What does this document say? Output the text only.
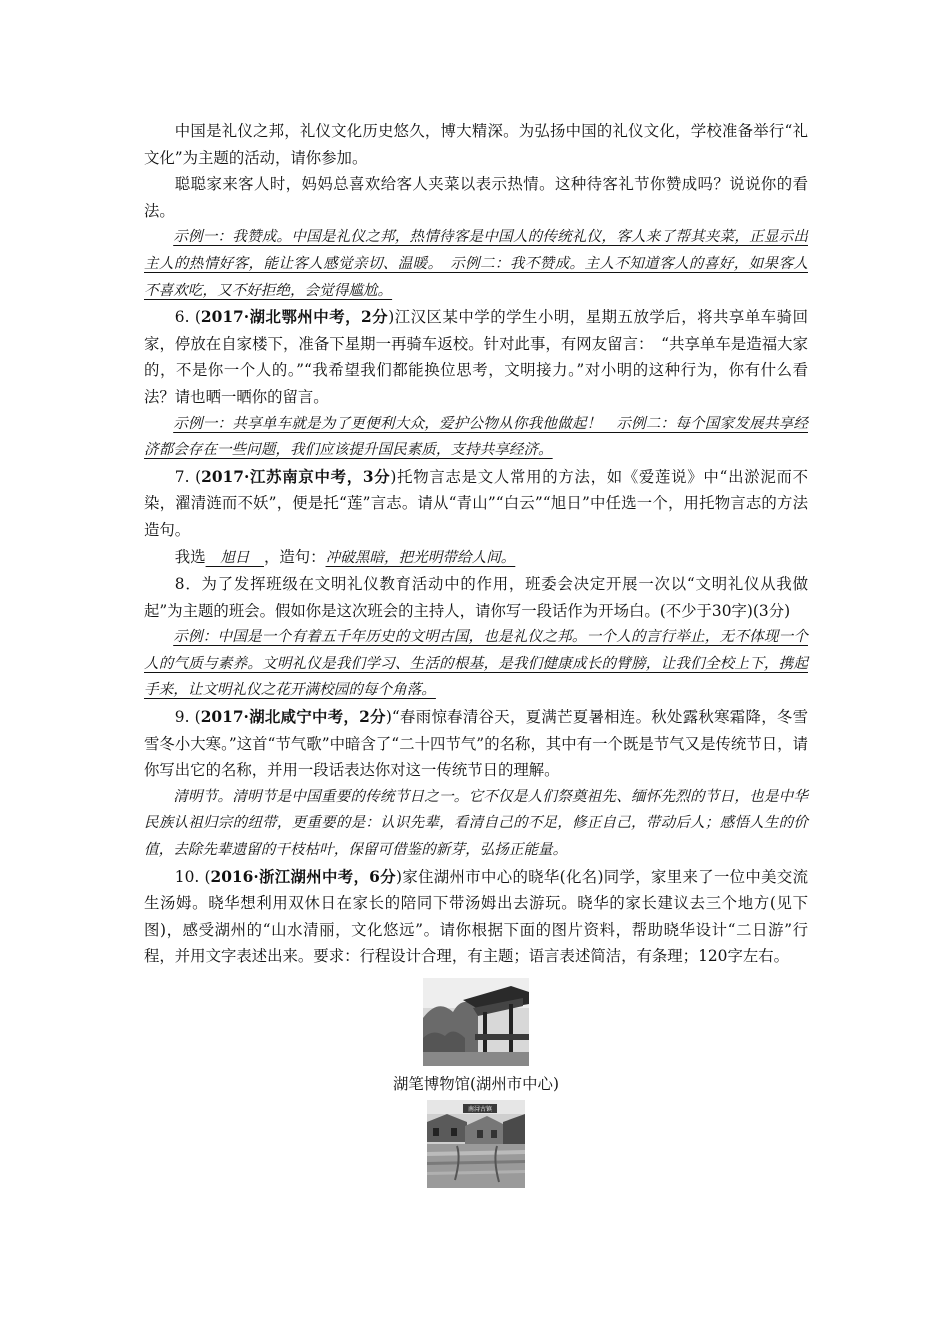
中国是礼仪之邦，礼仪文化历史悠久，博大精深。为弘扬中国的礼仪文化，学校准备举行“礼文化”为主题的活动，请你参加。

聪聪家来客人时，妈妈总喜欢给客人夹菜以表示热情。这种待客礼节你赞成吗？说说你的看法。

示例一：我赞成。中国是礼仪之邦，热情待客是中国人的传统礼仪，客人来了帮其夹菜，正显示出主人的热情好客，能让客人感觉亲切、温暖。　示例二：我不赞成。主人不知道客人的喜好，如果客人不喜欢吃，又不好拒绝，会觉得尴尬。

6. (2017·湖北鄂州中考，2分)江汉区某中学的学生小明，星期五放学后，将共享单车骑回家，停放在自家楼下，准备下星期一再骑车返校。针对此事，有网友留言：　“共享单车是造福大家的，不是你一个人的。”“我希望我们都能换位思考，文明接力。”对小明的这种行为，你有什么看法？请也晒一晒你的留言。

示例一：共享单车就是为了更便利大众，爱护公物从你我他做起！　示例二：每个国家发展共享经济都会存在一些问题，我们应该提升国民素质，支持共享经济。

7. (2017·江苏南京中考，3分)托物言志是文人常用的方法，如《爱莲说》中“出淤泥而不染，濯清涟而不妖”，便是托“莲”言志。请从“青山”“白云”“旭日”中任选一个，用托物言志的方法造句。

我选　旭日　，造句：冲破黑暗，把光明带给人间。

8．为了发挥班级在文明礼仪教育活动中的作用，班委会决定开展一次以“文明礼仪从我做起”为主题的班会。假如你是这次班会的主持人，请你写一段话作为开场白。(不少于30字)(3分)

示例：中国是一个有着五千年历史的文明古国，也是礼仪之邦。一个人的言行举止，无不体现一个人的气质与素养。文明礼仪是我们学习、生活的根基，是我们健康成长的臂膀，让我们全校上下，携起手来，让文明礼仪之花开满校园的每个角落。

9. (2017·湖北咸宁中考，2分)“春雨惊春清谷天，夏满芒夏暑相连。秋处露秋寒霜降，冬雪雪冬小大寒。”这首“节气歌”中暗含了“二十四节气”的名称，其中有一个既是节气又是传统节日，请你写出它的名称，并用一段话表达你对这一传统节日的理解。

清明节。清明节是中国重要的传统节日之一。它不仅是人们祭奠祖先、缅怀先烈的节日，也是中华民族认祖归宗的纽带，更重要的是：认识先辈，看清自己的不足，修正自己，带动后人；感悟人生的价值，去除先辈遗留的干枝枯叶，保留可借鉴的新芽，弘扬正能量。

10. (2016·浙江湖州中考，6分)家住湖州市中心的晓华(化名)同学，家里来了一位中美交流生汤姆。晓华想利用双休日在家长的陪同下带汤姆出去游玩。晓华的家长建议去三个地方(见下图)，感受湖州的“山水清丽，文化悠远”。请你根据下面的图片资料，帮助晓华设计“二日游”行程，并用文字表述出来。要求：行程设计合理，有主题；语言表述简洁，有条理；120字左右。

湖笔博物馆(湖州市中心)
南浔古镇
